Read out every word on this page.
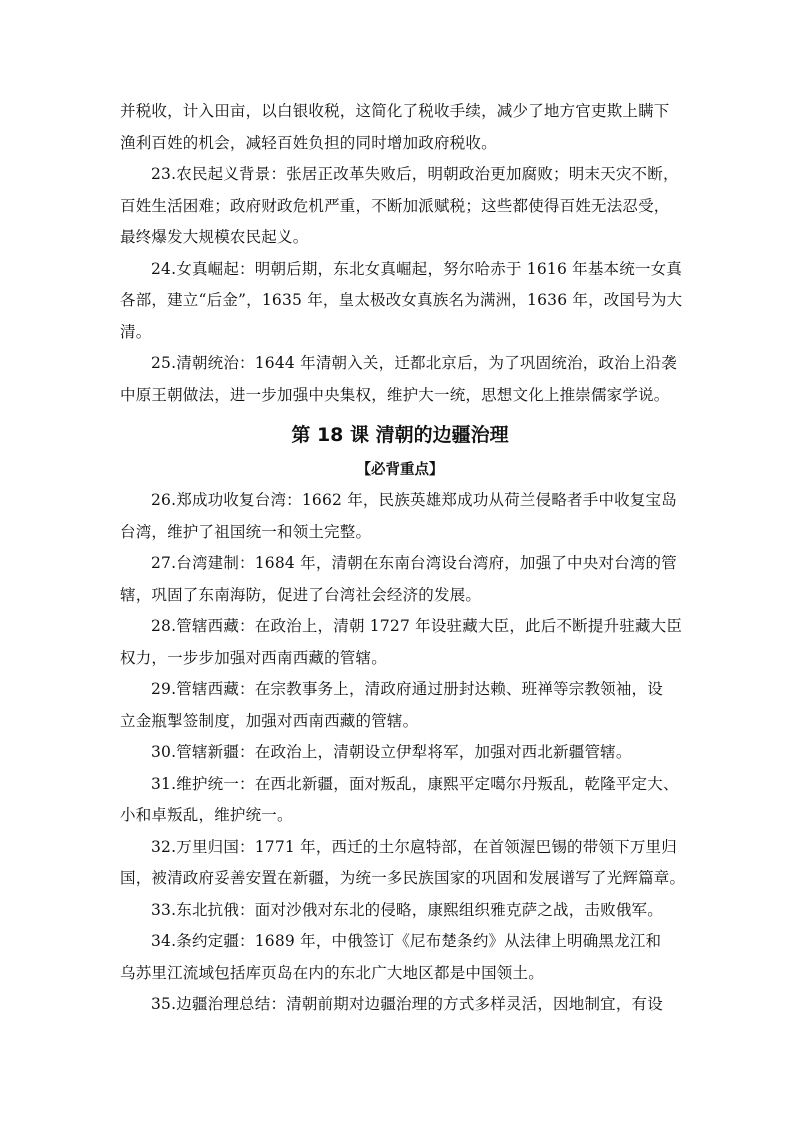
并税收，计入田亩，以白银收税，这简化了税收手续，减少了地方官吏欺上瞒下
渔利百姓的机会，减轻百姓负担的同时增加政府税收。
23.农民起义背景：张居正改革失败后，明朝政治更加腐败；明末天灾不断，
百姓生活困难；政府财政危机严重，不断加派赋税；这些都使得百姓无法忍受，
最终爆发大规模农民起义。
24.女真崛起：明朝后期，东北女真崛起，努尔哈赤于 1616 年基本统一女真
各部，建立“后金”，1635 年，皇太极改女真族名为满洲，1636 年，改国号为大
清。
25.清朝统治：1644 年清朝入关，迁都北京后，为了巩固统治，政治上沿袭
中原王朝做法，进一步加强中央集权，维护大一统，思想文化上推崇儒家学说。
第 18 课 清朝的边疆治理
【必背重点】
26.郑成功收复台湾：1662 年，民族英雄郑成功从荷兰侵略者手中收复宝岛
台湾，维护了祖国统一和领土完整。
27.台湾建制：1684 年，清朝在东南台湾设台湾府，加强了中央对台湾的管
辖，巩固了东南海防，促进了台湾社会经济的发展。
28.管辖西藏：在政治上，清朝 1727 年设驻藏大臣，此后不断提升驻藏大臣
权力，一步步加强对西南西藏的管辖。
29.管辖西藏：在宗教事务上，清政府通过册封达赖、班禅等宗教领袖，设
立金瓶掣签制度，加强对西南西藏的管辖。
30.管辖新疆：在政治上，清朝设立伊犁将军，加强对西北新疆管辖。
31.维护统一：在西北新疆，面对叛乱，康熙平定噶尔丹叛乱，乾隆平定大、
小和卓叛乱，维护统一。
32.万里归国：1771 年，西迁的土尔扈特部，在首领渥巴锡的带领下万里归
国，被清政府妥善安置在新疆，为统一多民族国家的巩固和发展谱写了光辉篇章。
33.东北抗俄：面对沙俄对东北的侵略，康熙组织雅克萨之战，击败俄军。
34.条约定疆：1689 年，中俄签订《尼布楚条约》从法律上明确黑龙江和
乌苏里江流域包括库页岛在内的东北广大地区都是中国领土。
35.边疆治理总结：清朝前期对边疆治理的方式多样灵活，因地制宜，有设
